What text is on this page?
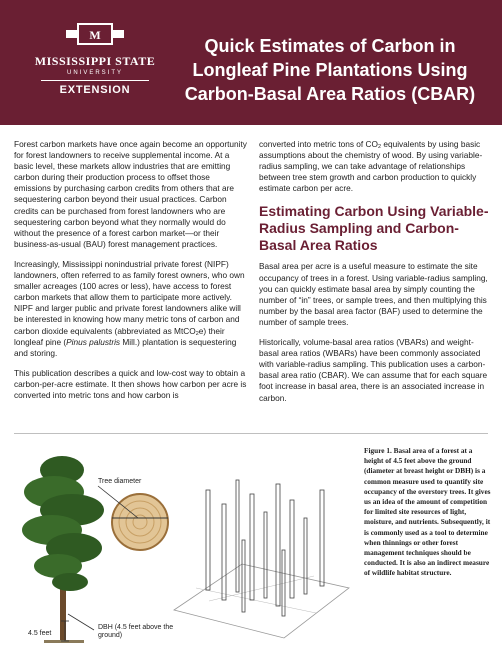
M
MISSISSIPPI STATE
UNIVERSITY
EXTENSION
Quick Estimates of Carbon in Longleaf Pine Plantations Using Carbon-Basal Area Ratios (CBAR)

Forest carbon markets have once again become an opportunity for forest landowners to receive supplemental income. At a basic level, these markets allow industries that are emitting carbon during their production process to offset those emissions by purchasing carbon credits from others that are sequestering carbon beyond their usual practices. Carbon credits can be purchased from forest landowners who are sequestering carbon beyond what they normally would do without the presence of a forest carbon market—or their business-as-usual (BAU) forest management practices.

Increasingly, Mississippi nonindustrial private forest (NIPF) landowners, often referred to as family forest owners, who own smaller acreages (100 acres or less), have access to forest carbon markets that allow them to participate more actively. NIPF and larger public and private forest landowners alike will be interested in knowing how many metric tons of carbon and carbon dioxide equivalents (abbreviated as MtCO$_2$e) their longleaf pine (Pinus palustris Mill.) plantation is sequestering and storing.

This publication describes a quick and low-cost way to obtain a carbon-per-acre estimate. It then shows how carbon per acre is converted into metric tons and how carbon is

converted into metric tons of $CO_2$ equivalents by using basic assumptions about the chemistry of wood. By using variable-radius sampling, we can take advantage of relationships between tree stem growth and carbon production to quickly estimate carbon per acre.

Estimating Carbon Using Variable-Radius Sampling and Carbon-Basal Area Ratios

Basal area per acre is a useful measure to estimate the site occupancy of trees in a forest. Using variable-radius sampling, you can quickly estimate basal area by simply counting the number of “in” trees, or sample trees, and then multiplying this number by the basal area factor (BAF) used to determine the number of sample trees.

Historically, volume-basal area ratios (VBARs) and weight-basal area ratios (WBARs) have been commonly associated with variable-radius sampling. This publication uses a carbon-basal area ratio (CBAR). We can assume that for each square foot increase in basal area, there is an associated increase in carbon.

Tree diameter
DBH (4.5 feet above the ground)
4.5 feet
Figure 1. Basal area of a forest at a height of 4.5 feet above the ground (diameter at breast height or DBH) is a common measure used to quantify site occupancy of the overstory trees. It gives us an idea of the amount of competition for limited site resources of light, moisture, and nutrients. Subsequently, it is commonly used as a tool to determine when thinnings or other forest management techniques should be conducted. It is also an indirect measure of wildlife habitat structure.
